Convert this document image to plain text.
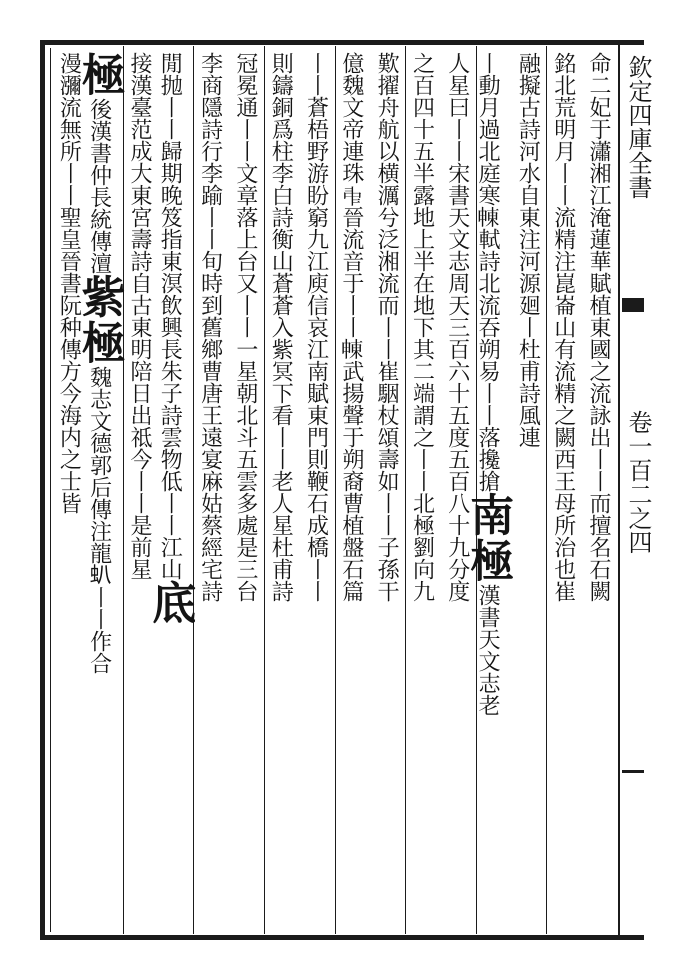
欽定四庫全書
卷一百二之四
命二妃于瀟湘江淹蓮華賦植東國之流詠出丨丨而擅名石闕
銘北荒明月丨丨流精注崑崙山有流精之闕西王母所治也崔
融擬古詩河水自東注河源廻丨杜甫詩風連
丨動月過北庭寒𣌾軾詩北流吞朔易丨丨落攙搶南極漢書天文志老
人星曰丨丨宋書天文志周天三百六十五度五百八十九分度
之百四十五半露地上半在地下其二端謂之丨丨北極劉向九
歎擢舟航以横濿兮泛湘流而丨丨崔駰杖頌壽如丨丨子孫干
億魏文帝連珠𠁩晉流音于丨丨𣌾武揚聲于朔裔曹植盤石篇
丨丨蒼梧野游盼窮九江庾信哀江南賦東門則鞭石成橋丨丨
則鑄銅爲柱李白詩衡山蒼蒼入紫冥下看丨丨老人星杜甫詩
冠冕通丨丨文章落上台又丨丨一星朝北斗五雲多處是三台
李商隱詩行李踰丨丨旬時到舊鄉曹唐王遠宴麻姑蔡經宅詩
閒抛丨丨歸期晚笈指東溟飲興長朱子詩雲物低丨丨江山底
接漢臺范成大東宮壽詩自古東明陪日出祗今丨丨是前星
極後漢書仲長統傳澶紫極魏志文德郭后傳注龍𧈢丨丨作合
漫瀰流無所丨丨聖皇晉書阮种傳方今海内之士皆
